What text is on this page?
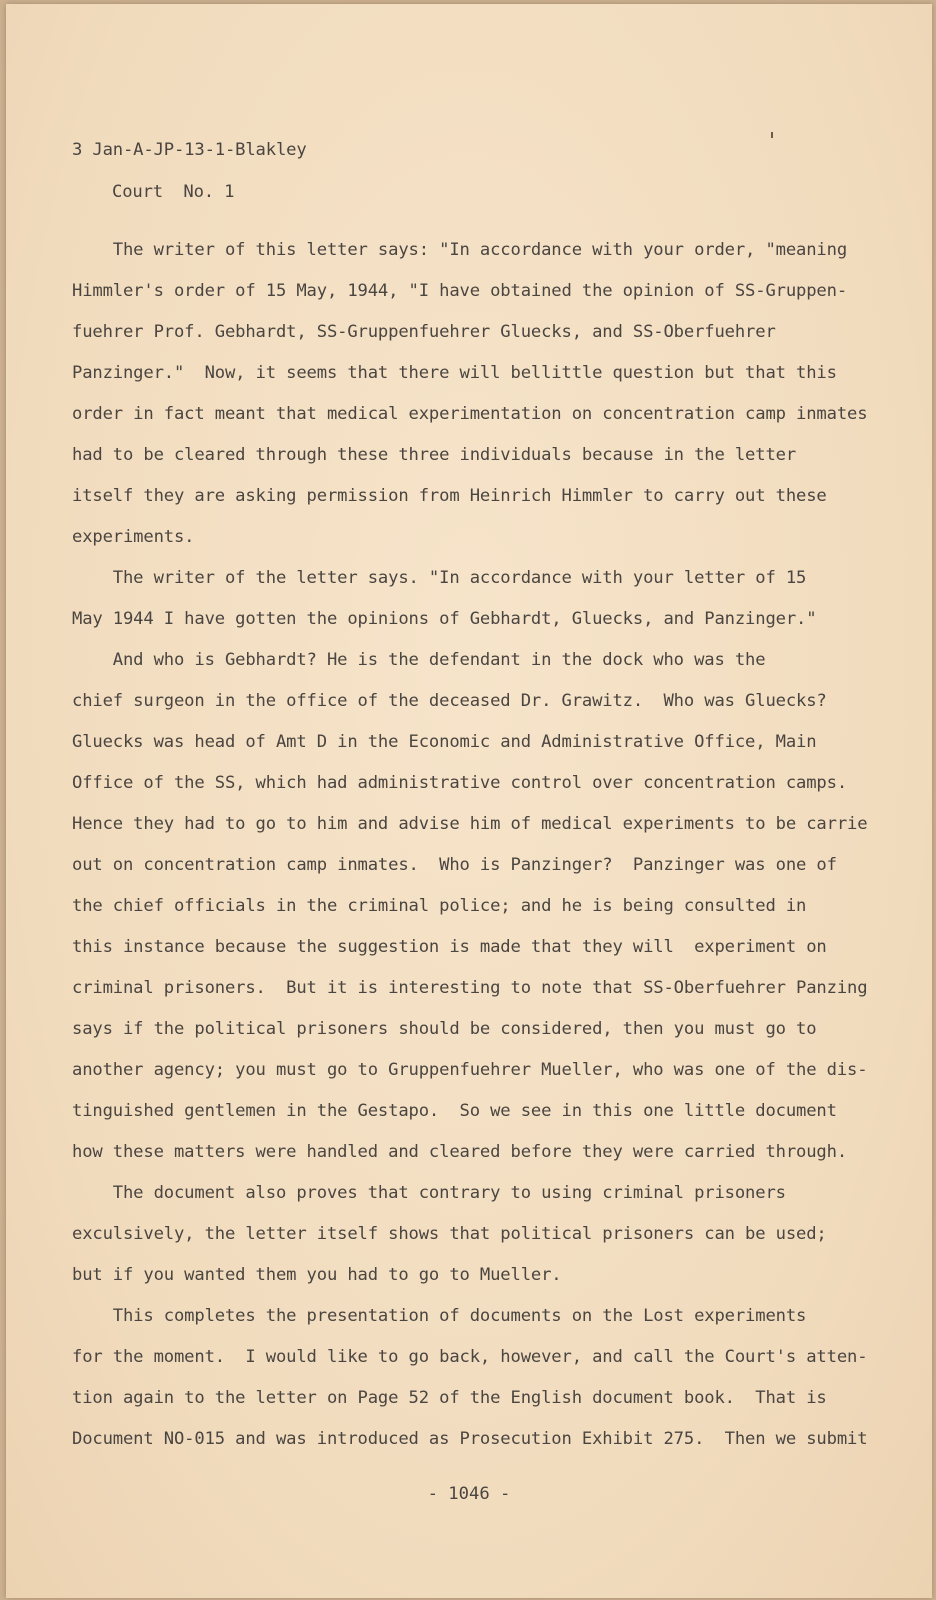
3 Jan-A-JP-13-1-Blakley
Court  No. 1
The writer of this letter says: "In accordance with your order, "meaning
Himmler's order of 15 May, 1944, "I have obtained the opinion of SS-Gruppen-
fuehrer Prof. Gebhardt, SS-Gruppenfuehrer Gluecks, and SS-Oberfuehrer
Panzinger."  Now, it seems that there will bellittle question but that this
order in fact meant that medical experimentation on concentration camp inmates
had to be cleared through these three individuals because in the letter
itself they are asking permission from Heinrich Himmler to carry out these
experiments.
The writer of the letter says. "In accordance with your letter of 15
May 1944 I have gotten the opinions of Gebhardt, Gluecks, and Panzinger."
And who is Gebhardt? He is the defendant in the dock who was the
chief surgeon in the office of the deceased Dr. Grawitz.  Who was Gluecks?
Gluecks was head of Amt D in the Economic and Administrative Office, Main
Office of the SS, which had administrative control over concentration camps.
Hence they had to go to him and advise him of medical experiments to be carrie
out on concentration camp inmates.  Who is Panzinger?  Panzinger was one of
the chief officials in the criminal police; and he is being consulted in
this instance because the suggestion is made that they will  experiment on
criminal prisoners.  But it is interesting to note that SS-Oberfuehrer Panzing
says if the political prisoners should be considered, then you must go to
another agency; you must go to Gruppenfuehrer Mueller, who was one of the dis-
tinguished gentlemen in the Gestapo.  So we see in this one little document
how these matters were handled and cleared before they were carried through.
The document also proves that contrary to using criminal prisoners
exculsively, the letter itself shows that political prisoners can be used;
but if you wanted them you had to go to Mueller.
This completes the presentation of documents on the Lost experiments
for the moment.  I would like to go back, however, and call the Court's atten-
tion again to the letter on Page 52 of the English document book.  That is
Document NO-015 and was introduced as Prosecution Exhibit 275.  Then we submit
- 1046 -
